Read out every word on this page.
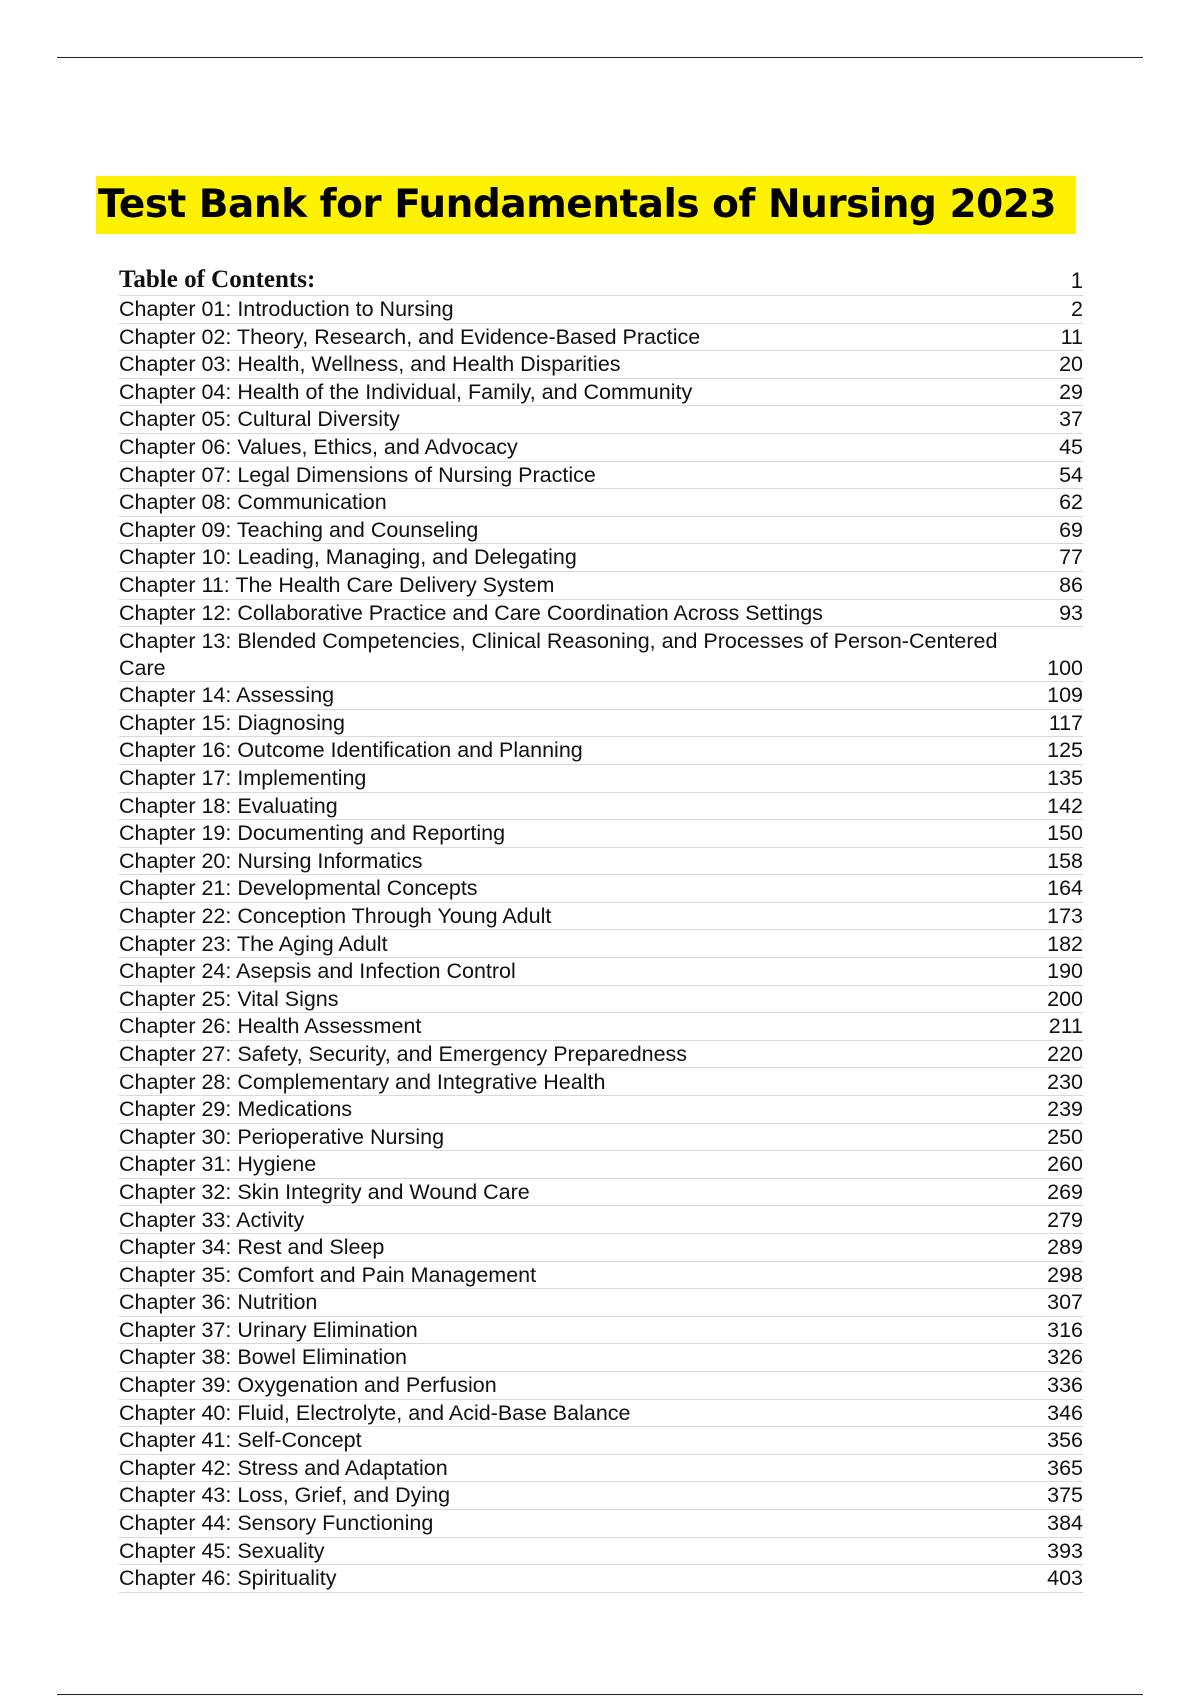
Test Bank for Fundamentals of Nursing 2023
Table of Contents:	1
Chapter 01: Introduction to Nursing	2
Chapter 02: Theory, Research, and Evidence-Based Practice	11
Chapter 03: Health, Wellness, and Health Disparities	20
Chapter 04: Health of the Individual, Family, and Community	29
Chapter 05: Cultural Diversity	37
Chapter 06: Values, Ethics, and Advocacy	45
Chapter 07: Legal Dimensions of Nursing Practice	54
Chapter 08: Communication	62
Chapter 09: Teaching and Counseling	69
Chapter 10: Leading, Managing, and Delegating	77
Chapter 11: The Health Care Delivery System	86
Chapter 12: Collaborative Practice and Care Coordination Across Settings	93
Chapter 13: Blended Competencies, Clinical Reasoning, and Processes of Person-Centered Care	100
Chapter 14: Assessing	109
Chapter 15: Diagnosing	117
Chapter 16: Outcome Identification and Planning	125
Chapter 17: Implementing	135
Chapter 18: Evaluating	142
Chapter 19: Documenting and Reporting	150
Chapter 20: Nursing Informatics	158
Chapter 21: Developmental Concepts	164
Chapter 22: Conception Through Young Adult	173
Chapter 23: The Aging Adult	182
Chapter 24: Asepsis and Infection Control	190
Chapter 25: Vital Signs	200
Chapter 26: Health Assessment	211
Chapter 27: Safety, Security, and Emergency Preparedness	220
Chapter 28: Complementary and Integrative Health	230
Chapter 29: Medications	239
Chapter 30: Perioperative Nursing	250
Chapter 31: Hygiene	260
Chapter 32: Skin Integrity and Wound Care	269
Chapter 33: Activity	279
Chapter 34: Rest and Sleep	289
Chapter 35: Comfort and Pain Management	298
Chapter 36: Nutrition	307
Chapter 37: Urinary Elimination	316
Chapter 38: Bowel Elimination	326
Chapter 39: Oxygenation and Perfusion	336
Chapter 40: Fluid, Electrolyte, and Acid-Base Balance	346
Chapter 41: Self-Concept	356
Chapter 42: Stress and Adaptation	365
Chapter 43: Loss, Grief, and Dying	375
Chapter 44: Sensory Functioning	384
Chapter 45: Sexuality	393
Chapter 46: Spirituality	403
